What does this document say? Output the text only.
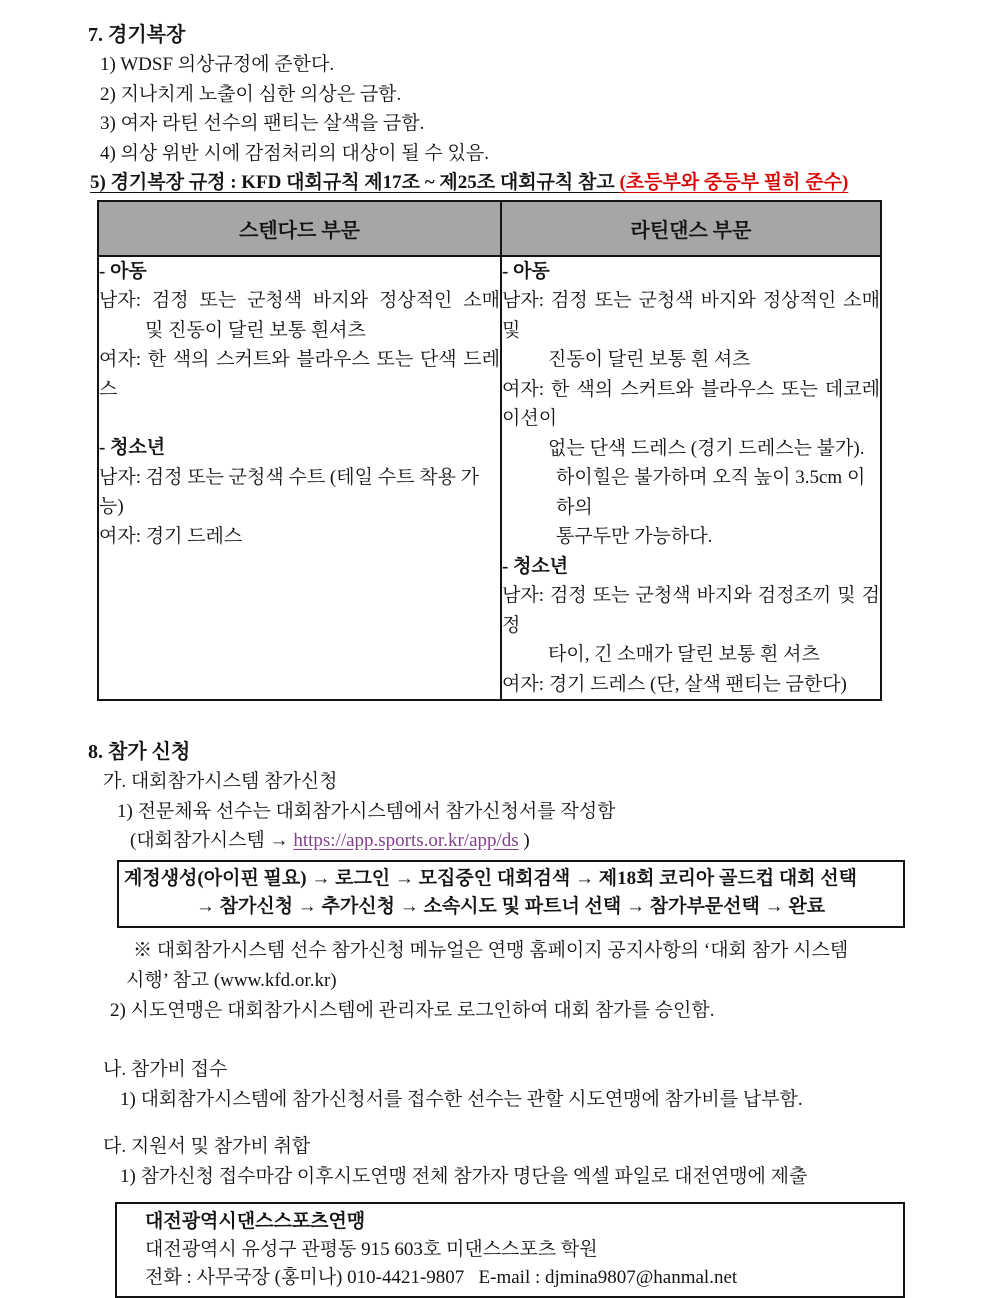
7. 경기복장
1) WDSF 의상규정에 준한다.
2) 지나치게 노출이 심한 의상은 금함.
3) 여자 라틴 선수의 팬티는 살색을 금함.
4) 의상 위반 시에 감점처리의 대상이 될 수 있음.
5) 경기복장 규정 : KFD 대회규칙 제17조 ~ 제25조 대회규칙 참고 (초등부와 중등부 필히 준수)
스텐다드 부문	라틴댄스 부문

- 아동
남자: 검정 또는 군청색 바지와 정상적인 소매
및 진동이 달린 보통 흰셔츠
여자: 한 색의 스커트와 블라우스 또는 단색 드레스
- 청소년
남자: 검정 또는 군청색 수트 (테일 수트 착용 가능)
여자: 경기 드레스

- 아동
남자: 검정 또는 군청색 바지와 정상적인 소매 및
진동이 달린 보통 흰 셔츠
여자: 한 색의 스커트와 블라우스 또는 데코레이션이
없는 단색 드레스 (경기 드레스는 불가).
하이힐은 불가하며 오직 높이 3.5cm 이하의
통구두만 가능하다.
- 청소년
남자: 검정 또는 군청색 바지와 검정조끼 및 검정
타이, 긴 소매가 달린 보통 흰 셔츠
여자: 경기 드레스 (단, 살색 팬티는 금한다)
8. 참가 신청
가. 대회참가시스템 참가신청
1) 전문체육 선수는 대회참가시스템에서 참가신청서를 작성함
(대회참가시스템 → https://app.sports.or.kr/app/ds )
계정생성(아이핀 필요) → 로그인 → 모집중인 대회검색 → 제18회 코리아 골드컵 대회 선택
→ 참가신청 → 추가신청 → 소속시도 및 파트너 선택 → 참가부문선택 → 완료
※ 대회참가시스템 선수 참가신청 메뉴얼은 연맹 홈페이지 공지사항의 ‘대회 참가 시스템
시행’ 참고 (www.kfd.or.kr)
2) 시도연맹은 대회참가시스템에 관리자로 로그인하여 대회 참가를 승인함.
나. 참가비 접수
1) 대회참가시스템에 참가신청서를 접수한 선수는 관할 시도연맹에 참가비를 납부함.
다. 지원서 및 참가비 취합
1) 참가신청 접수마감 이후시도연맹 전체 참가자 명단을 엑셀 파일로 대전연맹에 제출
대전광역시댄스스포츠연맹
대전광역시 유성구 관평동 915 603호 미댄스스포츠 학원
전화 : 사무국장 (홍미나) 010-4421-9807   E-mail : djmina9807@hanmal.net
